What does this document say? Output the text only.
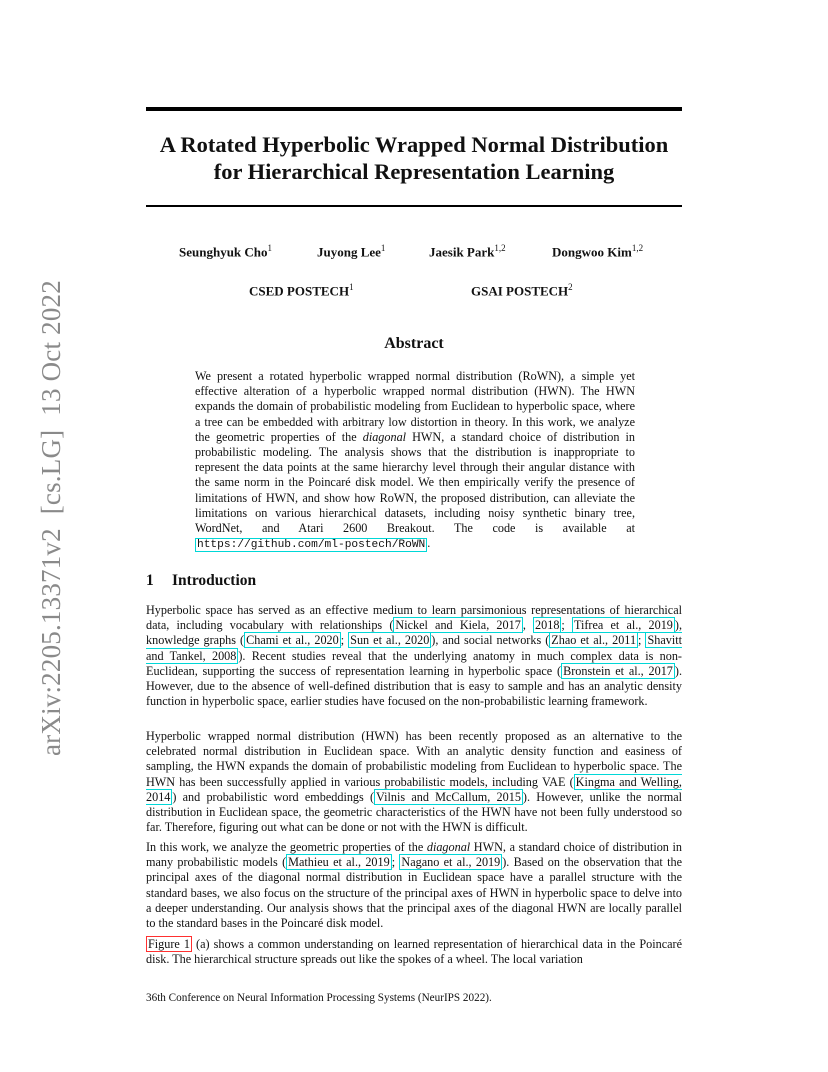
arXiv:2205.13371v2  [cs.LG]  13 Oct 2022
A Rotated Hyperbolic Wrapped Normal Distribution
for Hierarchical Representation Learning
Seunghyuk Cho$^1$	Juyong Lee$^1$	Jaesik Park$^{1,2}$	Dongwoo Kim$^{1,2}$
CSED POSTECH$^1$	GSAI POSTECH$^2$
Abstract
We present a rotated hyperbolic wrapped normal distribution (RoWN), a simple yet effective alteration of a hyperbolic wrapped normal distribution (HWN). The HWN expands the domain of probabilistic modeling from Euclidean to hyperbolic space, where a tree can be embedded with arbitrary low distortion in theory. In this work, we analyze the geometric properties of the diagonal HWN, a standard choice of distribution in probabilistic modeling. The analysis shows that the distribution is inappropriate to represent the data points at the same hierarchy level through their angular distance with the same norm in the Poincaré disk model. We then empirically verify the presence of limitations of HWN, and show how RoWN, the proposed distribution, can alleviate the limitations on various hierarchical datasets, including noisy synthetic binary tree, WordNet, and Atari 2600 Breakout. The code is available at https://github.com/ml-postech/RoWN .
1 Introduction

Hyperbolic space has served as an effective medium to learn parsimonious representations of hierarchical data, including vocabulary with relationships ( Nickel and Kiela, 2017 , 2018 ; Tifrea et al., 2019 ), knowledge graphs ( Chami et al., 2020 ; Sun et al., 2020 ), and social networks ( Zhao et al., 2011 ; Shavitt and Tankel, 2008 ). Recent studies reveal that the underlying anatomy in much complex data is non-Euclidean, supporting the success of representation learning in hyperbolic space ( Bronstein et al., 2017 ). However, due to the absence of well-defined distribution that is easy to sample and has an analytic density function in hyperbolic space, earlier studies have focused on the non-probabilistic learning framework.

Hyperbolic wrapped normal distribution (HWN) has been recently proposed as an alternative to the celebrated normal distribution in Euclidean space. With an analytic density function and easiness of sampling, the HWN expands the domain of probabilistic modeling from Euclidean to hyperbolic space. The HWN has been successfully applied in various probabilistic models, including VAE ( Kingma and Welling, 2014 ) and probabilistic word embeddings ( Vilnis and McCallum, 2015 ). However, unlike the normal distribution in Euclidean space, the geometric characteristics of the HWN have not been fully understood so far. Therefore, figuring out what can be done or not with the HWN is difficult.

In this work, we analyze the geometric properties of the diagonal HWN, a standard choice of distribution in many probabilistic models ( Mathieu et al., 2019 ; Nagano et al., 2019 ). Based on the observation that the principal axes of the diagonal normal distribution in Euclidean space have a parallel structure with the standard bases, we also focus on the structure of the principal axes of HWN in hyperbolic space to delve into a deeper understanding. Our analysis shows that the principal axes of the diagonal HWN are locally parallel to the standard bases in the Poincaré disk model.

Figure 1 (a) shows a common understanding on learned representation of hierarchical data in the Poincaré disk. The hierarchical structure spreads out like the spokes of a wheel. The local variation

36th Conference on Neural Information Processing Systems (NeurIPS 2022).
